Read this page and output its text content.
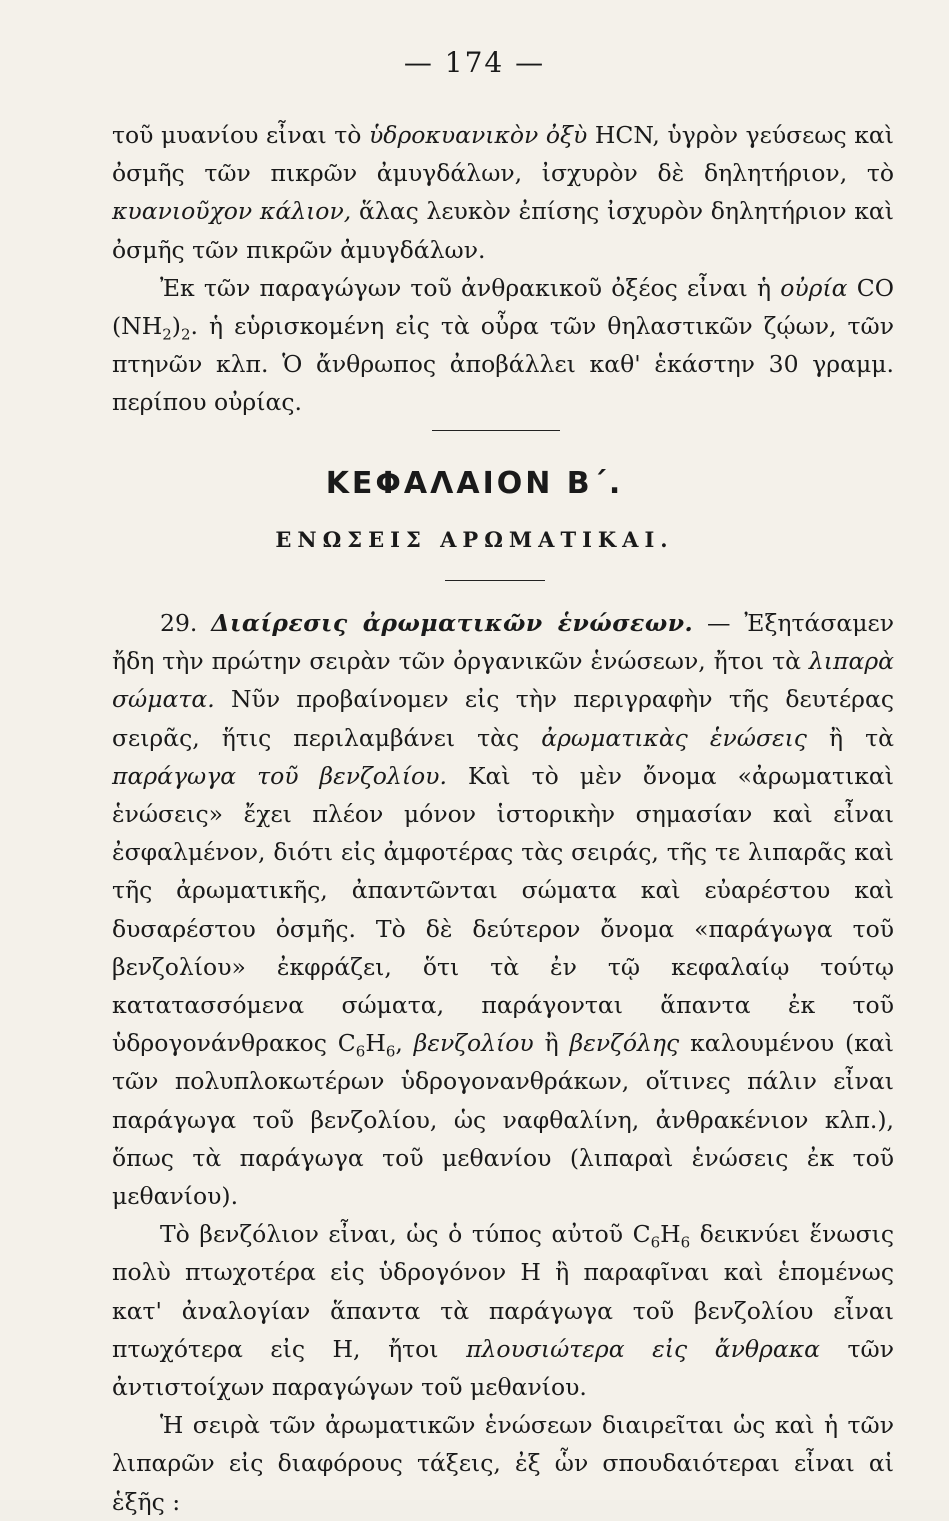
— 174 —

τοῦ μυανίου εἶναι τὸ ὑδροκυανικὸν ὀξὺ HCN, ὑγρὸν γεύσεως καὶ ὀσμῆς τῶν πικρῶν ἀμυγδάλων, ἰσχυρὸν δὲ δηλητήριον, τὸ κυανιοῦχον κάλιον, ἅλας λευκὸν ἐπίσης ἰσχυρὸν δηλητήριον καὶ ὀσμῆς τῶν πικρῶν ἀμυγδάλων.

Ἐκ τῶν παραγώγων τοῦ ἀνθρακικοῦ ὀξέος εἶναι ἡ οὐρία CO $(NH_2)_2$. ἡ εὑρισκομένη εἰς τὰ οὖρα τῶν θηλαστικῶν ζῴων, τῶν πτηνῶν κλπ. Ὁ ἄνθρωπος ἀποβάλλει καθ' ἑκάστην 30 γραμμ. περίπου οὐρίας.

ΚΕΦΑΛΑΙΟΝ Β΄.
ΕΝΩΣΕΙΣ ΑΡΩΜΑΤΙΚΑΙ.

29. Διαίρεσις ἀρωματικῶν ἑνώσεων. — Ἐξητάσαμεν ἤδη τὴν πρώτην σειρὰν τῶν ὀργανικῶν ἑνώσεων, ἤτοι τὰ λιπαρὰ σώματα. Νῦν προβαίνομεν εἰς τὴν περιγραφὴν τῆς δευτέρας σειρᾶς, ἥτις περιλαμβάνει τὰς ἀρωματικὰς ἑνώσεις ἢ τὰ παράγωγα τοῦ βενζολίου. Καὶ τὸ μὲν ὄνομα «ἀρωματικαὶ ἑνώσεις» ἔχει πλέον μόνον ἱστορικὴν σημασίαν καὶ εἶναι ἐσφαλμένον, διότι εἰς ἀμφοτέρας τὰς σειράς, τῆς τε λιπαρᾶς καὶ τῆς ἀρωματικῆς, ἀπαντῶνται σώματα καὶ εὐαρέστου καὶ δυσαρέστου ὀσμῆς. Τὸ δὲ δεύτερον ὄνομα «παράγωγα τοῦ βενζολίου» ἐκφράζει, ὅτι τὰ ἐν τῷ κεφαλαίῳ τούτῳ κατατασσόμενα σώματα, παράγονται ἅπαντα ἐκ τοῦ ὑδρογονάνθρακος $C_6H_6$, βενζολίου ἢ βενζόλης καλουμένου (καὶ τῶν πολυπλοκωτέρων ὑδρογονανθράκων, οἵτινες πάλιν εἶναι παράγωγα τοῦ βενζολίου, ὡς ναφθαλίνη, ἀνθρακένιον κλπ.), ὅπως τὰ παράγωγα τοῦ μεθανίου (λιπαραὶ ἑνώσεις ἐκ τοῦ μεθανίου).

Τὸ βενζόλιον εἶναι, ὡς ὁ τύπος αὐτοῦ $C_6H_6$ δεικνύει ἕνωσις πολὺ πτωχοτέρα εἰς ὑδρογόνον H ἢ παραφῖναι καὶ ἑπομένως κατ' ἀναλογίαν ἅπαντα τὰ παράγωγα τοῦ βενζολίου εἶναι πτωχότερα εἰς H, ἤτοι πλουσιώτερα εἰς ἄνθρακα τῶν ἀντιστοίχων παραγώγων τοῦ μεθανίου.

Ἡ σειρὰ τῶν ἀρωματικῶν ἑνώσεων διαιρεῖται ὡς καὶ ἡ τῶν λιπαρῶν εἰς διαφόρους τάξεις, ἐξ ὧν σπουδαιότεραι εἶναι αἱ ἑξῆς :
